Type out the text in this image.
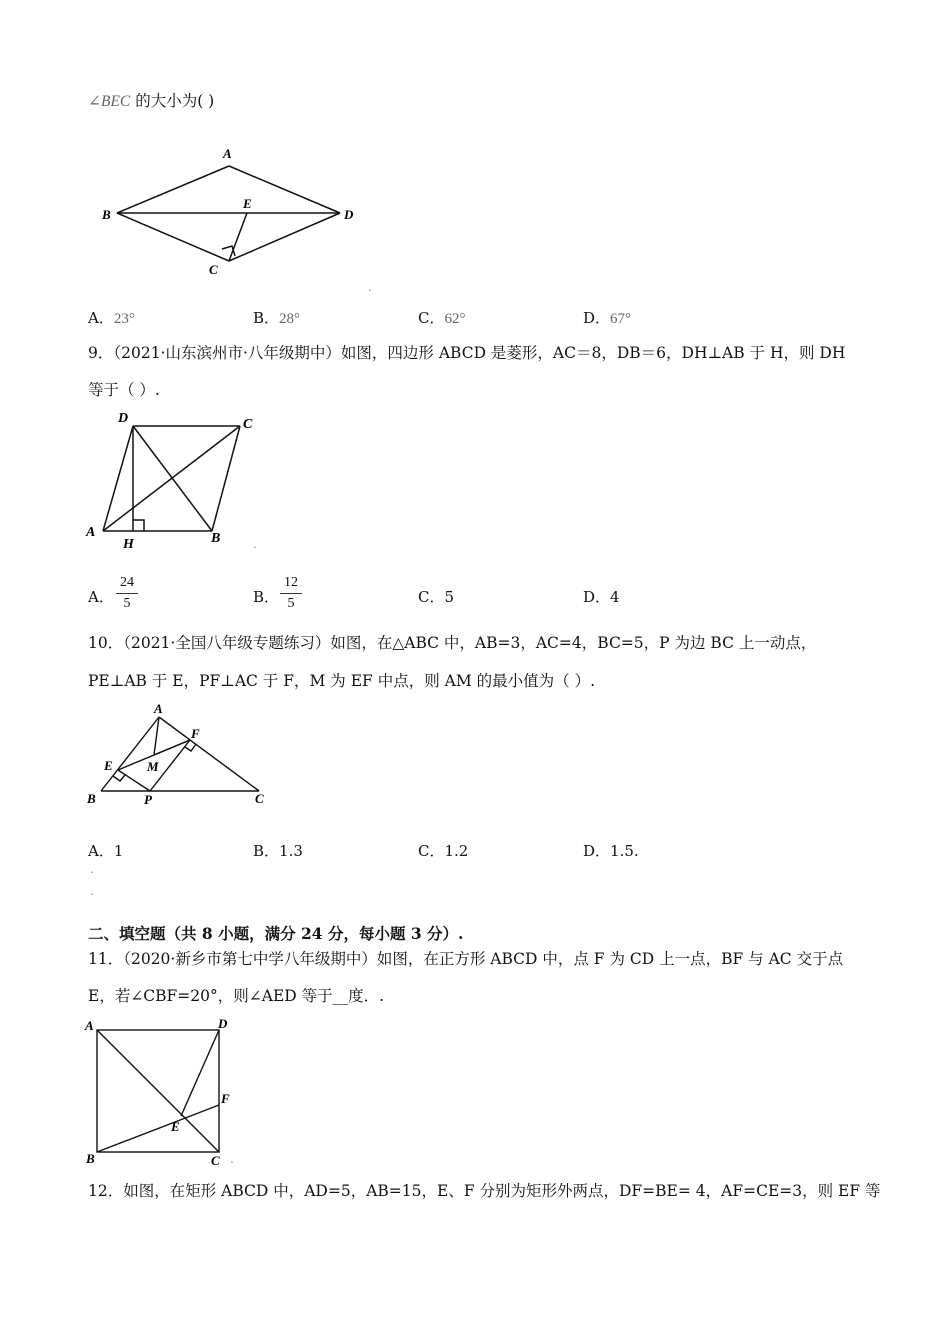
∠BEC 的大小为( )
A
B
C
D
E
.
A．23°	B．28°	C．62°	D．67°
9．（2021·山东滨州市·八年级期中）如图，四边形 ABCD 是菱形，AC＝8，DB＝6，DH⊥AB 于 H，则 DH
等于（ ）.
D	C
A
H	B	.
A． $\frac{24}{5}$	B． $\frac{12}{5}$	C．5	D．4
10．（2021·全国八年级专题练习）如图，在△ABC 中，AB=3，AC=4，BC=5，P 为边 BC 上一动点，
PE⊥AB 于 E，PF⊥AC 于 F，M 为 EF 中点，则 AM 的最小值为（ ）.
A
F
E	M
B	P	C
A．1	B．1.3	C．1.2	D．1.5.
.
.
二、填空题（共 8 小题，满分 24 分，每小题 3 分）.
11．（2020·新乡市第七中学八年级期中）如图，在正方形 ABCD 中，点 F 为 CD 上一点，BF 与 AC 交于点
E，若∠CBF=20°，则∠AED 等于__度．.
A	D
F
E
B	C .
12．如图，在矩形 ABCD 中，AD=5，AB=15，E、F 分别为矩形外两点，DF=BE= 4，AF=CE=3，则 EF 等
